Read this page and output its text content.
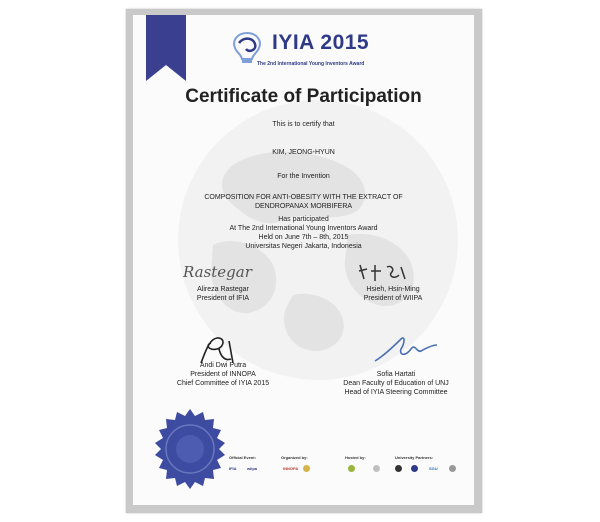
IYIA 2015
The 2nd International Young Inventors Award
Certificate of Participation
This is to certify that
KIM, JEONG-HYUN
For the Invention
COMPOSITION FOR ANTI-OBESITY WITH THE EXTRACT OF
DENDROPANAX MORBIFERA
Has participated
At The 2nd International Young Inventors Award
Held on June 7th – 8th, 2015
Universitas Negeri Jakarta, Indonesia
Rastegar
Alireza Rastegar
President of IFIA
Hsieh, Hsin-Ming
President of WIIPA
Andi Dwi Putra
President of INNOPA
Chief Committee of IYIA 2015
Sofia Hartati
Dean Faculty of Education of UNJ
Head of IYIA Steering Committee
Official Event:	Organized by:	Hosted by:	University Partners:
IFIA	wiipa	INNOPA	SGU
